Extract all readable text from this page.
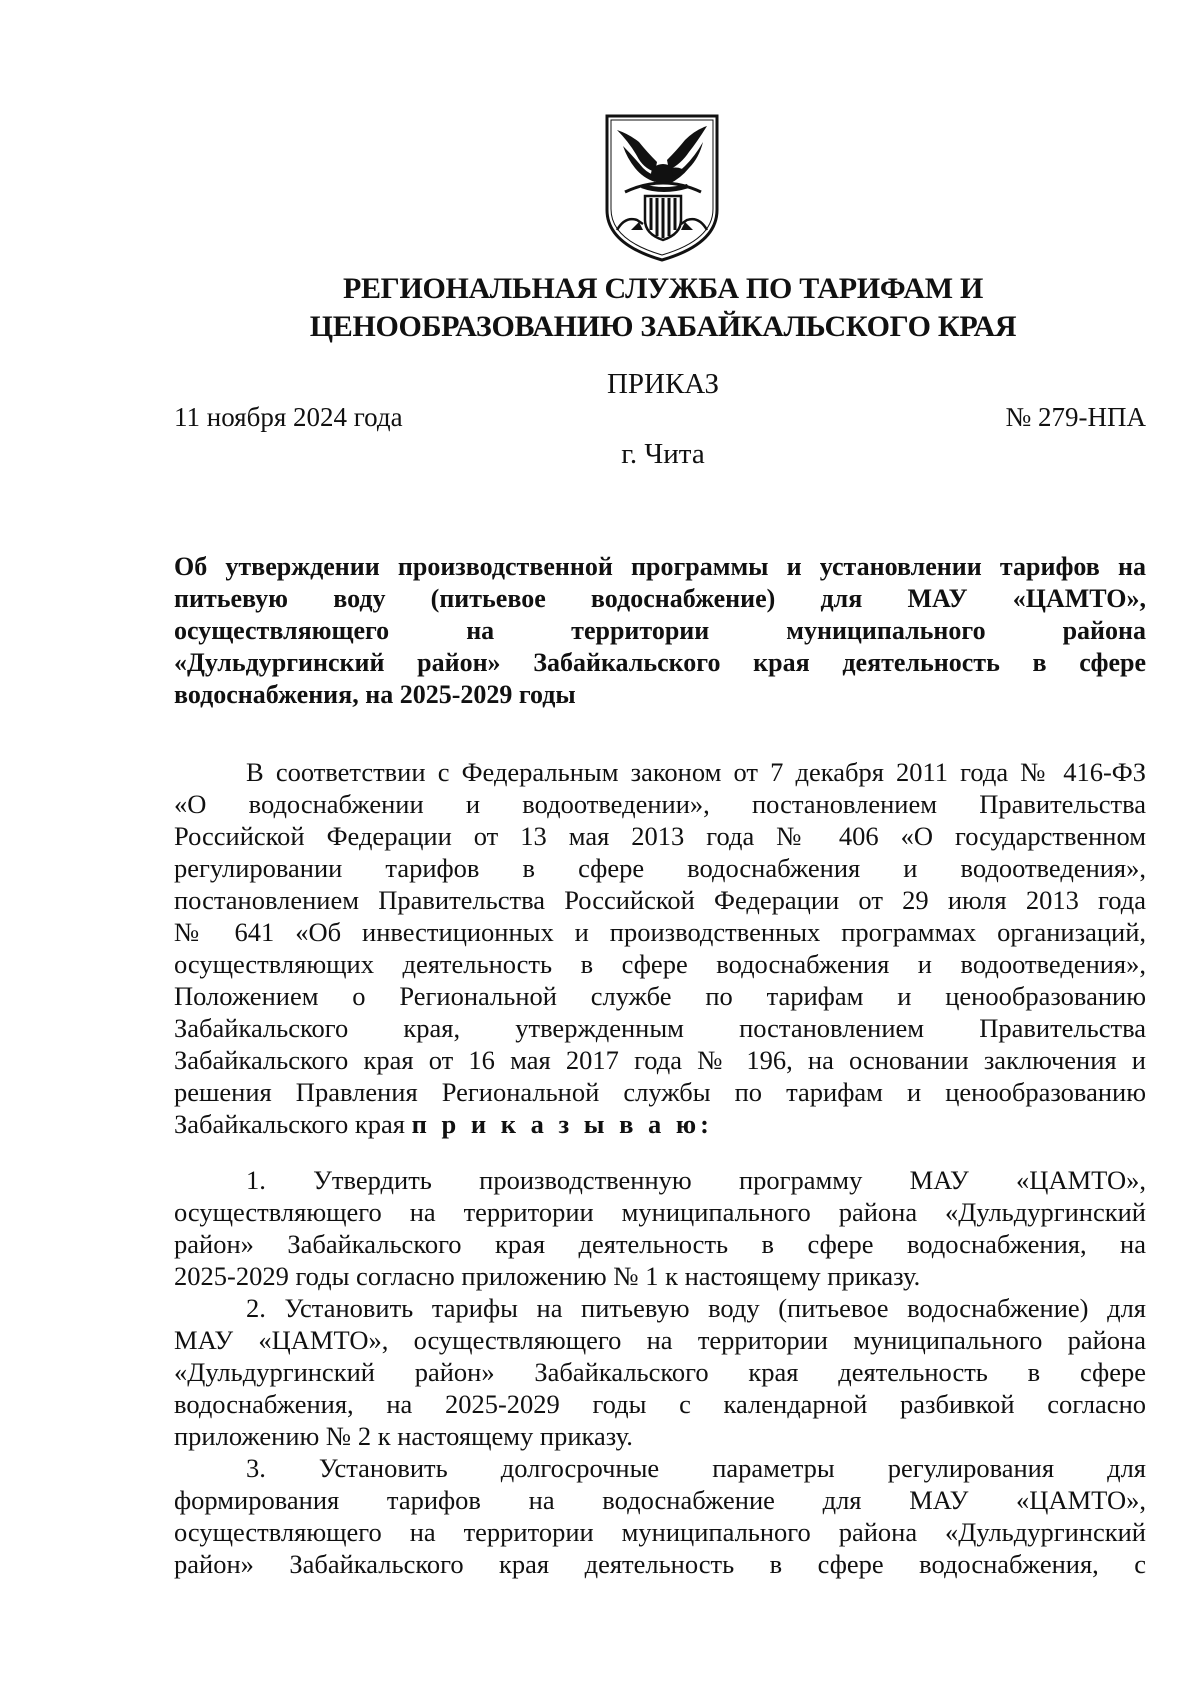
РЕГИОНАЛЬНАЯ СЛУЖБА ПО ТАРИФАМ И
ЦЕНООБРАЗОВАНИЮ ЗАБАЙКАЛЬСКОГО КРАЯ
ПРИКАЗ
11 ноября 2024 года	№ 279-НПА
г. Чита
Об утверждении производственной программы и установлении тарифов на
питьевую воду (питьевое водоснабжение) для МАУ «ЦАМТО»,
осуществляющего на территории муниципального района
«Дульдургинский район» Забайкальского края деятельность в сфере
водоснабжения, на 2025-2029 годы
В соответствии с Федеральным законом от 7 декабря 2011 года № 416-ФЗ
«О водоснабжении и водоотведении», постановлением Правительства
Российской Федерации от 13 мая 2013 года № 406 «О государственном
регулировании тарифов в сфере водоснабжения и водоотведения»,
постановлением Правительства Российской Федерации от 29 июля 2013 года
№ 641 «Об инвестиционных и производственных программах организаций,
осуществляющих деятельность в сфере водоснабжения и водоотведения»,
Положением о Региональной службе по тарифам и ценообразованию
Забайкальского края, утвержденным постановлением Правительства
Забайкальского края от 16 мая 2017 года № 196, на основании заключения и
решения Правления Региональной службы по тарифам и ценообразованию
Забайкальского края п р и к а з ы в а ю:
1. Утвердить производственную программу МАУ «ЦАМТО»,
осуществляющего на территории муниципального района «Дульдургинский
район» Забайкальского края деятельность в сфере водоснабжения, на
2025-2029 годы согласно приложению № 1 к настоящему приказу.
2. Установить тарифы на питьевую воду (питьевое водоснабжение) для
МАУ «ЦАМТО», осуществляющего на территории муниципального района
«Дульдургинский район» Забайкальского края деятельность в сфере
водоснабжения, на 2025-2029 годы с календарной разбивкой согласно
приложению № 2 к настоящему приказу.
3. Установить долгосрочные параметры регулирования для
формирования тарифов на водоснабжение для МАУ «ЦАМТО»,
осуществляющего на территории муниципального района «Дульдургинский
район» Забайкальского края деятельность в сфере водоснабжения, с
